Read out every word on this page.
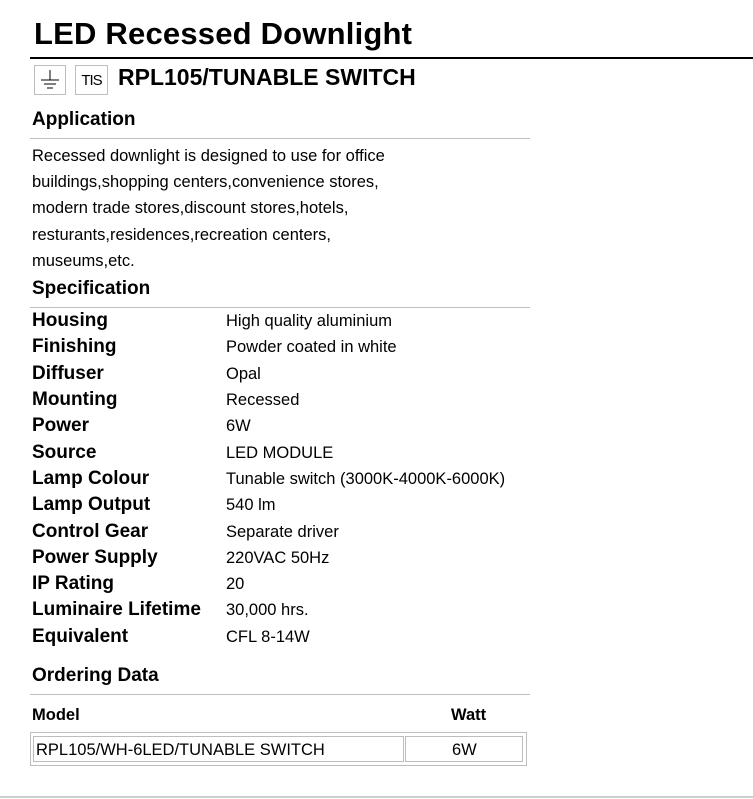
LED Recessed Downlight
TIS RPL105/TUNABLE SWITCH
Application
Recessed downlight is designed to use for office
buildings,shopping centers,convenience stores,
modern trade stores,discount stores,hotels,
resturants,residences,recreation centers,
museums,etc.
Specification
Housing	High quality aluminium
Finishing	Powder coated in white
Diffuser	Opal
Mounting	Recessed
Power	6W
Source	LED MODULE
Lamp Colour	Tunable switch (3000K-4000K-6000K)
Lamp Output	540 lm
Control Gear	Separate driver
Power Supply	220VAC 50Hz
IP Rating	20
Luminaire Lifetime 30,000 hrs.
Equivalent	CFL 8-14W
Ordering Data
Model	Watt
RPL105/WH-6LED/TUNABLE SWITCH	6W
